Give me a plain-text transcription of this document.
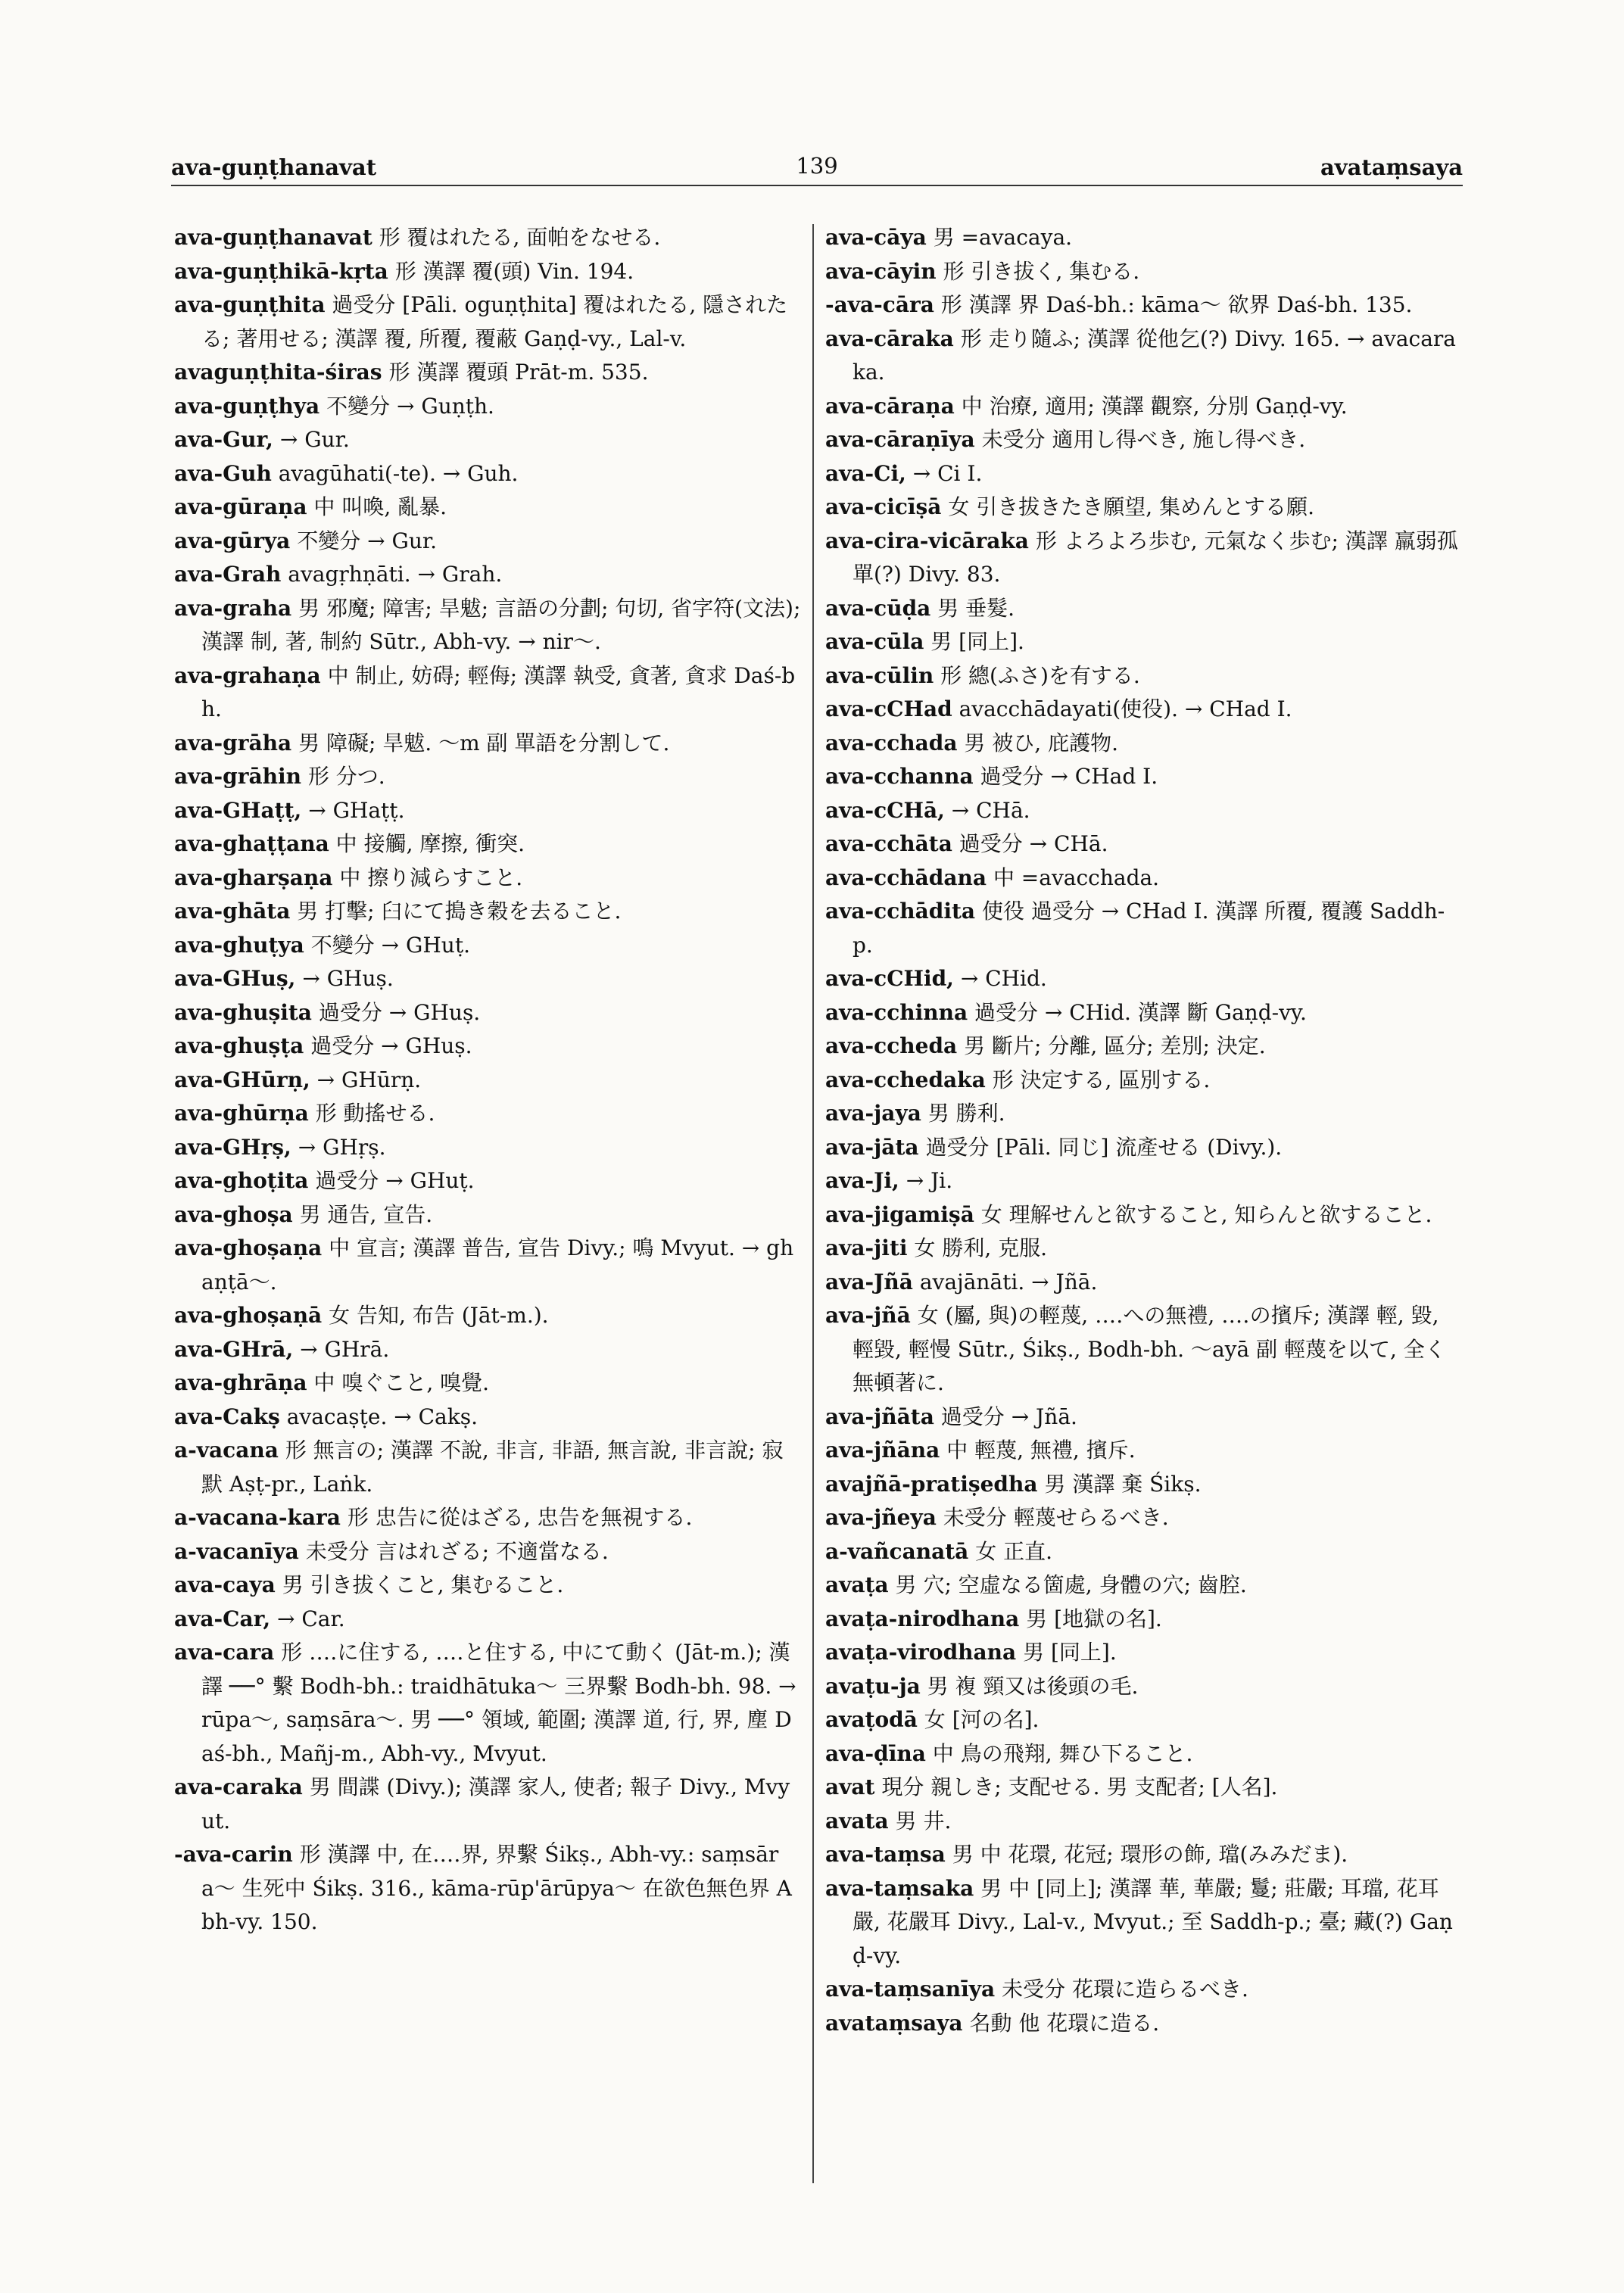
ava-guṇṭhanavat	139	avataṃsaya

ava-guṇṭhanavat 形 覆はれたる, 面帕をなせる.

ava-guṇṭhikā-kṛta 形 漢譯 覆(頭) Vin. 194.

ava-guṇṭhita 過受分 [Pāli. oguṇṭhita] 覆はれたる, 隱されたる; 著用せる; 漢譯 覆, 所覆, 覆蔽 Gaṇḍ-vy., Lal-v.

avaguṇṭhita-śiras 形 漢譯 覆頭 Prāt-m. 535.

ava-guṇṭhya 不變分 → Guṇṭh.

ava-Gur, → Gur.

ava-Guh avagūhati(-te). → Guh.

ava-gūraṇa 中 叫喚, 亂暴.

ava-gūrya 不變分 → Gur.

ava-Grah avagṛhṇāti. → Grah.

ava-graha 男 邪魔; 障害; 旱魃; 言語の分劃; 句切, 省字符(文法); 漢譯 制, 著, 制約 Sūtr., Abh-vy. → nir〜.

ava-grahaṇa 中 制止, 妨碍; 輕侮; 漢譯 執受, 貪著, 貪求 Daś-bh.

ava-grāha 男 障礙; 旱魃. 〜m 副 單語を分割して.

ava-grāhin 形 分つ.

ava-GHaṭṭ, → GHaṭṭ.

ava-ghaṭṭana 中 接觸, 摩擦, 衝突.

ava-gharṣaṇa 中 擦り減らすこと.

ava-ghāta 男 打擊; 臼にて搗き穀を去ること.

ava-ghuṭya 不變分 → GHuṭ.

ava-GHuṣ, → GHuṣ.

ava-ghuṣita 過受分 → GHuṣ.

ava-ghuṣṭa 過受分 → GHuṣ.

ava-GHūrṇ, → GHūrṇ.

ava-ghūrṇa 形 動搖せる.

ava-GHṛṣ, → GHṛṣ.

ava-ghoṭita 過受分 → GHuṭ.

ava-ghoṣa 男 通告, 宣告.

ava-ghoṣaṇa 中 宣言; 漢譯 普告, 宣告 Divy.; 鳴 Mvyut. → ghaṇṭā〜.

ava-ghoṣaṇā 女 告知, 布告 (Jāt-m.).

ava-GHrā, → GHrā.

ava-ghrāṇa 中 嗅ぐこと, 嗅覺.

ava-Cakṣ avacaṣṭe. → Cakṣ.

a-vacana 形 無言の; 漢譯 不說, 非言, 非語, 無言說, 非言說; 寂默 Aṣṭ-pr., Laṅk.

a-vacana-kara 形 忠告に從はざる, 忠告を無視する.

a-vacanīya 未受分 言はれざる; 不適當なる.

ava-caya 男 引き拔くこと, 集むること.

ava-Car, → Car.

ava-cara 形 ‥‥に住する, ‥‥と住する, 中にて動く (Jāt-m.); 漢譯 ──° 繫 Bodh-bh.: traidhātuka〜 三界繫 Bodh-bh. 98. → rūpa〜, saṃsāra〜. 男 ──° 領域, 範圍; 漢譯 道, 行, 界, 塵 Daś-bh., Mañj-m., Abh-vy., Mvyut.

ava-caraka 男 間諜 (Divy.); 漢譯 家人, 使者; 報子 Divy., Mvyut.

-ava-carin 形 漢譯 中, 在‥‥界, 界繫 Śikṣ., Abh-vy.: saṃsāra〜 生死中 Śikṣ. 316., kāma-rūp'ārūpya〜 在欲色無色界 Abh-vy. 150.

ava-cāya 男 =avacaya.

ava-cāyin 形 引き拔く, 集むる.

-ava-cāra 形 漢譯 界 Daś-bh.: kāma〜 欲界 Daś-bh. 135.

ava-cāraka 形 走り隨ふ; 漢譯 從他乞(?) Divy. 165. → avacaraka.

ava-cāraṇa 中 治療, 適用; 漢譯 觀察, 分別 Gaṇḍ-vy.

ava-cāraṇīya 未受分 適用し得べき, 施し得べき.

ava-Ci, → Ci I.

ava-cicīṣā 女 引き拔きたき願望, 集めんとする願.

ava-cira-vicāraka 形 よろよろ歩む, 元氣なく歩む; 漢譯 羸弱孤單(?) Divy. 83.

ava-cūḍa 男 垂髮.

ava-cūla 男 [同上].

ava-cūlin 形 總(ふさ)を有する.

ava-cCHad avacchādayati(使役). → CHad I.

ava-cchada 男 被ひ, 庇護物.

ava-cchanna 過受分 → CHad I.

ava-cCHā, → CHā.

ava-cchāta 過受分 → CHā.

ava-cchādana 中 =avacchada.

ava-cchādita 使役 過受分 → CHad I. 漢譯 所覆, 覆護 Saddh-p.

ava-cCHid, → CHid.

ava-cchinna 過受分 → CHid. 漢譯 斷 Gaṇḍ-vy.

ava-ccheda 男 斷片; 分離, 區分; 差別; 決定.

ava-cchedaka 形 決定する, 區別する.

ava-jaya 男 勝利.

ava-jāta 過受分 [Pāli. 同じ] 流產せる (Divy.).

ava-Ji, → Ji.

ava-jigamiṣā 女 理解せんと欲すること, 知らんと欲すること.

ava-jiti 女 勝利, 克服.

ava-Jñā avajānāti. → Jñā.

ava-jñā 女 (屬, 與)の輕蔑, ‥‥への無禮, ‥‥の擯斥; 漢譯 輕, 毀, 輕毀, 輕慢 Sūtr., Śikṣ., Bodh-bh. 〜ayā 副 輕蔑を以て, 全く無頓著に.

ava-jñāta 過受分 → Jñā.

ava-jñāna 中 輕蔑, 無禮, 擯斥.

avajñā-pratiṣedha 男 漢譯 棄 Śikṣ.

ava-jñeya 未受分 輕蔑せらるべき.

a-vañcanatā 女 正直.

avaṭa 男 穴; 空虛なる箇處, 身體の穴; 齒腔.

avaṭa-nirodhana 男 [地獄の名].

avaṭa-virodhana 男 [同上].

avaṭu-ja 男 複 頸又は後頭の毛.

avaṭodā 女 [河の名].

ava-ḍīna 中 鳥の飛翔, 舞ひ下ること.

avat 現分 親しき; 支配せる. 男 支配者; [人名].

avata 男 井.

ava-taṃsa 男 中 花環, 花冠; 環形の飾, 璫(みみだま).

ava-taṃsaka 男 中 [同上]; 漢譯 華, 華嚴; 鬘; 莊嚴; 耳璫, 花耳嚴, 花嚴耳 Divy., Lal-v., Mvyut.; 至 Saddh-p.; 臺; 藏(?) Gaṇḍ-vy.

ava-taṃsanīya 未受分 花環に造らるべき.

avataṃsaya 名動 他 花環に造る.
